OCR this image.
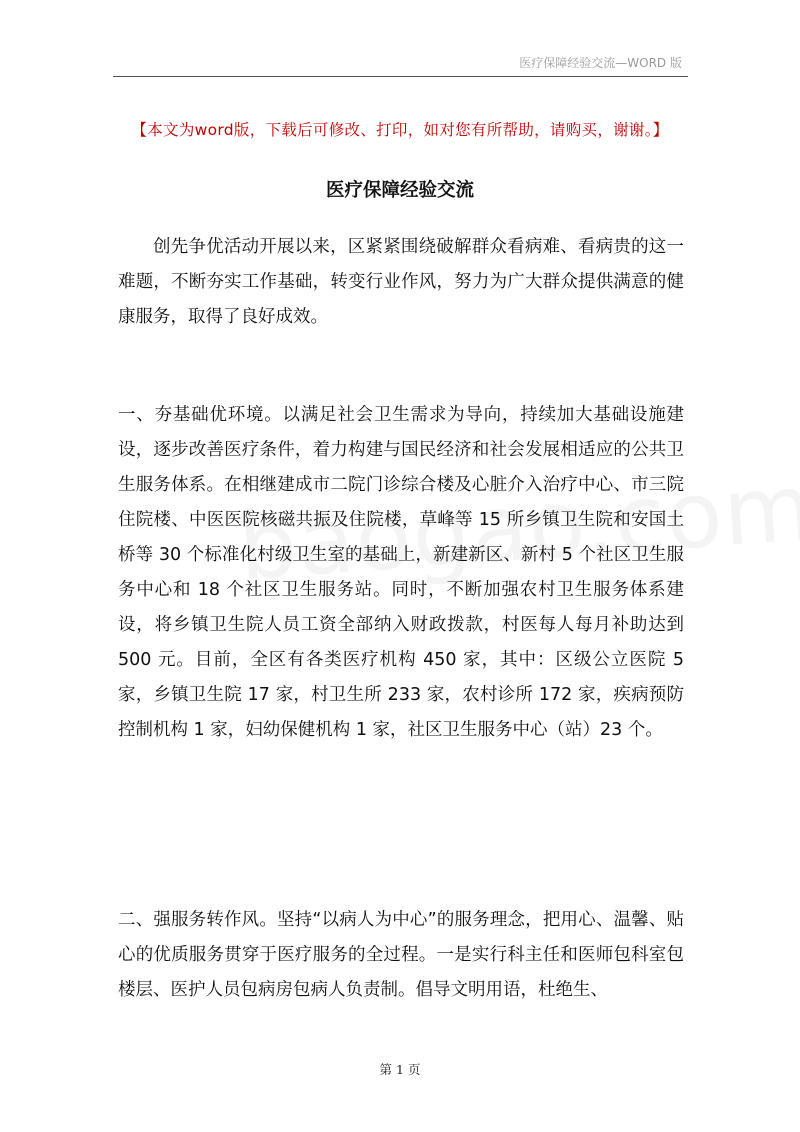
医疗保障经验交流—WORD 版
【本文为word版，下载后可修改、打印，如对您有所帮助，请购买，谢谢。】
医疗保障经验交流

创先争优活动开展以来，区紧紧围绕破解群众看病难、看病贵的这一难题，不断夯实工作基础，转变行业作风，努力为广大群众提供满意的健康服务，取得了良好成效。

一、夯基础优环境。以满足社会卫生需求为导向，持续加大基础设施建设，逐步改善医疗条件，着力构建与国民经济和社会发展相适应的公共卫生服务体系。在相继建成市二院门诊综合楼及心脏介入治疗中心、市三院住院楼、中医医院核磁共振及住院楼，草峰等 15 所乡镇卫生院和安国土桥等 30 个标准化村级卫生室的基础上，新建新区、新村 5 个社区卫生服务中心和 18 个社区卫生服务站。同时，不断加强农村卫生服务体系建设，将乡镇卫生院人员工资全部纳入财政拨款，村医每人每月补助达到 500 元。目前，全区有各类医疗机构 450 家，其中：区级公立医院 5 家，乡镇卫生院 17 家，村卫生所 233 家，农村诊所 172 家，疾病预防控制机构 1 家，妇幼保健机构 1 家，社区卫生服务中心（站）23 个。

二、强服务转作风。坚持“以病人为中心”的服务理念，把用心、温馨、贴心的优质服务贯穿于医疗服务的全过程。一是实行科主任和医师包科室包楼层、医护人员包病房包病人负责制。倡导文明用语，杜绝生、

第 1 页
